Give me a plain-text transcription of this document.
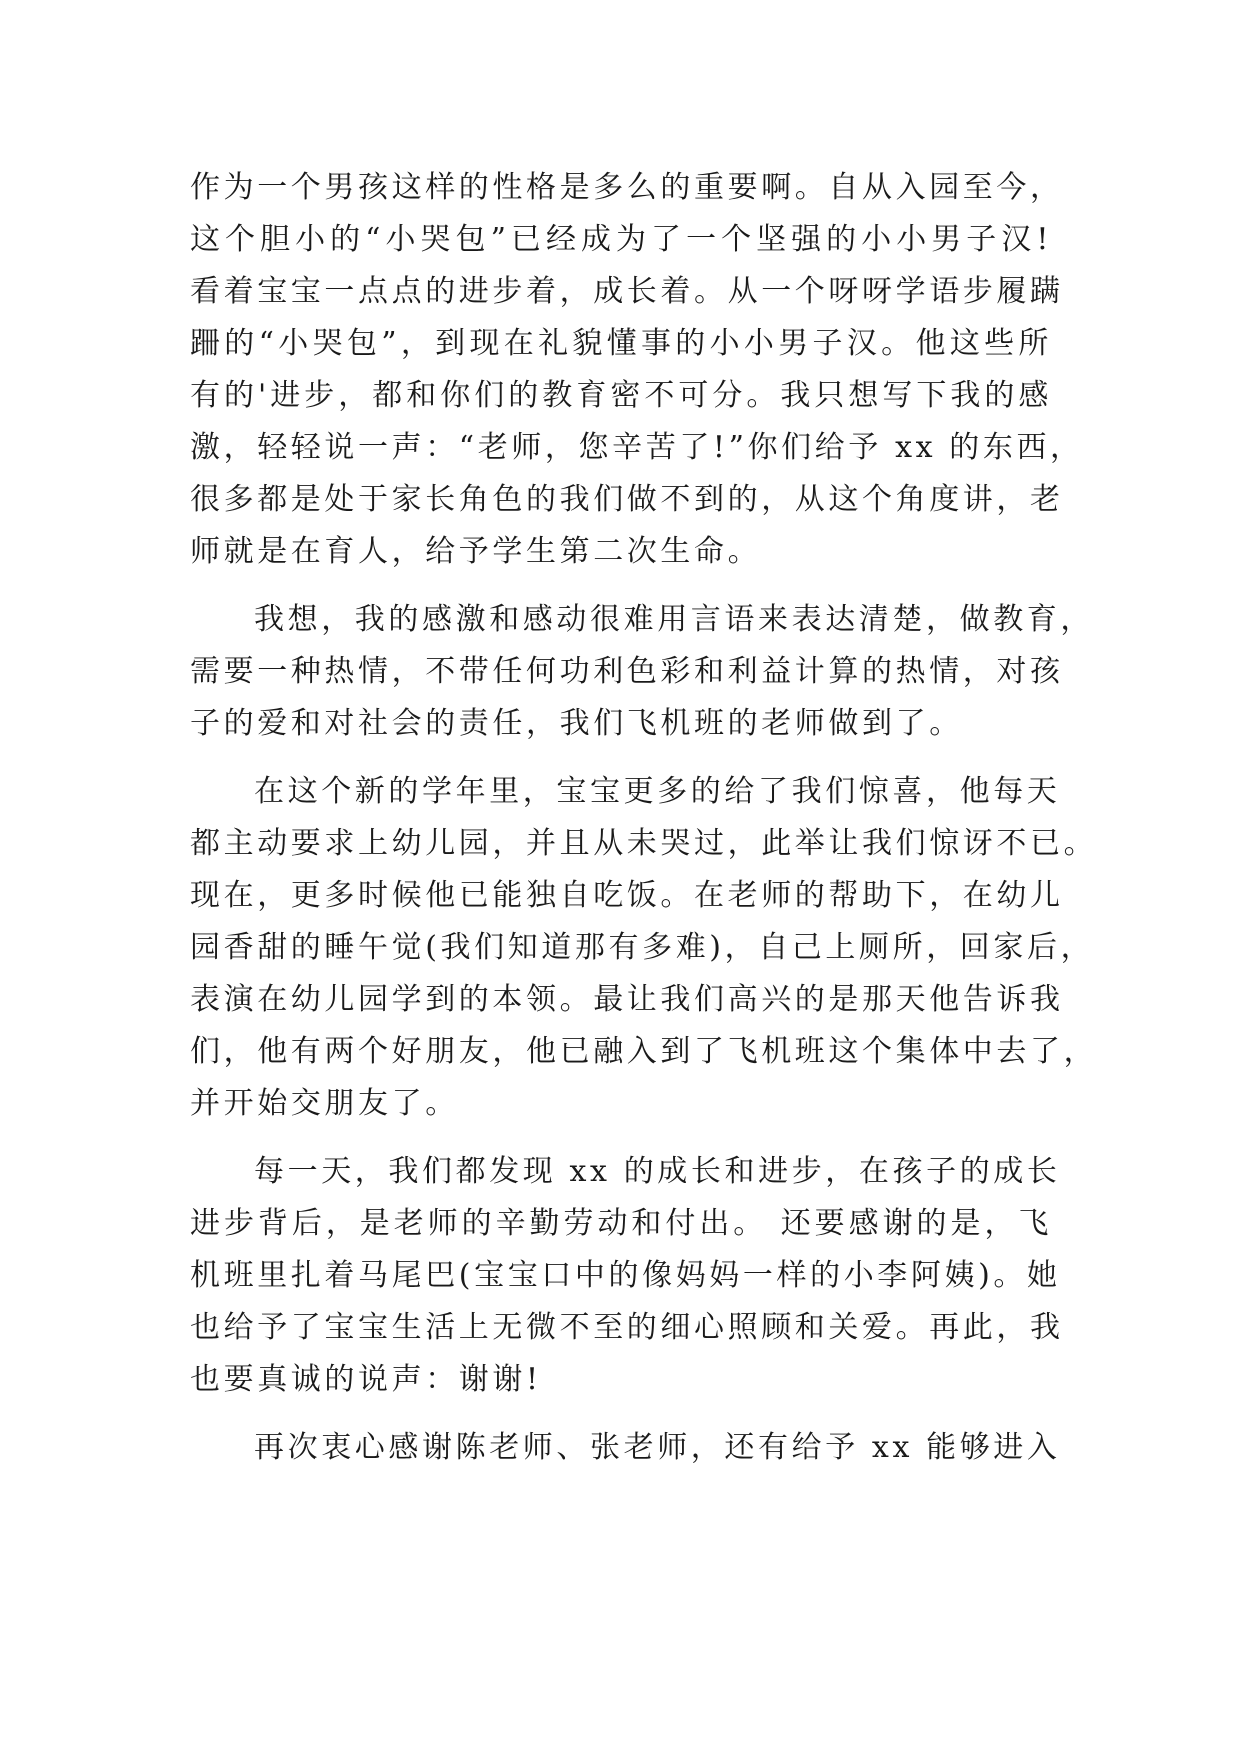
作为一个男孩这样的性格是多么的重要啊。自从入园至今，
这个胆小的“小哭包”已经成为了一个坚强的小小男子汉!
看着宝宝一点点的进步着，成长着。从一个呀呀学语步履蹒
跚的“小哭包”，到现在礼貌懂事的小小男子汉。他这些所
有的'进步，都和你们的教育密不可分。我只想写下我的感
激，轻轻说一声：“老师，您辛苦了!”你们给予 xx 的东西，
很多都是处于家长角色的我们做不到的，从这个角度讲，老
师就是在育人，给予学生第二次生命。
我想，我的感激和感动很难用言语来表达清楚，做教育，
需要一种热情，不带任何功利色彩和利益计算的热情，对孩
子的爱和对社会的责任，我们飞机班的老师做到了。
在这个新的学年里，宝宝更多的给了我们惊喜，他每天
都主动要求上幼儿园，并且从未哭过，此举让我们惊讶不已。
现在，更多时候他已能独自吃饭。在老师的帮助下，在幼儿
园香甜的睡午觉(我们知道那有多难)，自己上厕所，回家后，
表演在幼儿园学到的本领。最让我们高兴的是那天他告诉我
们，他有两个好朋友，他已融入到了飞机班这个集体中去了，
并开始交朋友了。
每一天，我们都发现 xx 的成长和进步，在孩子的成长
进步背后，是老师的辛勤劳动和付出。 还要感谢的是，飞
机班里扎着马尾巴(宝宝口中的像妈妈一样的小李阿姨)。她
也给予了宝宝生活上无微不至的细心照顾和关爱。再此，我
也要真诚的说声：谢谢!
再次衷心感谢陈老师、张老师，还有给予 xx 能够进入
